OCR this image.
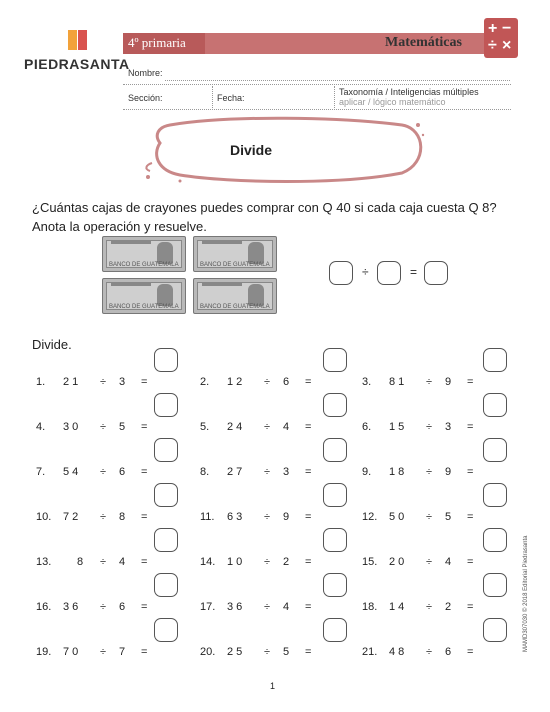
PIEDRASANTA
4º primaria	Matemáticas
+ −
÷ ×
Nombre:
Sección:	Fecha:
Taxonomía / Inteligencias múltiples
aplicar / lógico matemático
Divide
¿Cuántas cajas de crayones puedes comprar con Q 40 si cada caja cuesta Q 8? Anota la operación y resuelve.
BANCO DE GUATEMALA	BANCO DE GUATEMALA
BANCO DE GUATEMALA	BANCO DE GUATEMALA
÷	=
Divide.
1. 2 1 ÷ 3 =	2. 1 2 ÷ 6 =	3. 8 1 ÷ 9 =
4. 3 0 ÷ 5 =	5. 2 4 ÷ 4 =	6. 1 5 ÷ 3 =
7. 5 4 ÷ 6 =	8. 2 7 ÷ 3 =	9. 1 8 ÷ 9 =
10. 7 2 ÷ 8 =	11. 6 3 ÷ 9 =	12. 5 0 ÷ 5 =
13. 8 ÷ 4 =	14. 1 0 ÷ 2 =	15. 2 0 ÷ 4 =
16. 3 6 ÷ 6 =	17. 3 6 ÷ 4 =	18. 1 4 ÷ 2 =
19. 7 0 ÷ 7 =	20. 2 5 ÷ 5 =	21. 4 8 ÷ 6 =	MAMD307030 © 2018 Editorial Piedrasanta
1
